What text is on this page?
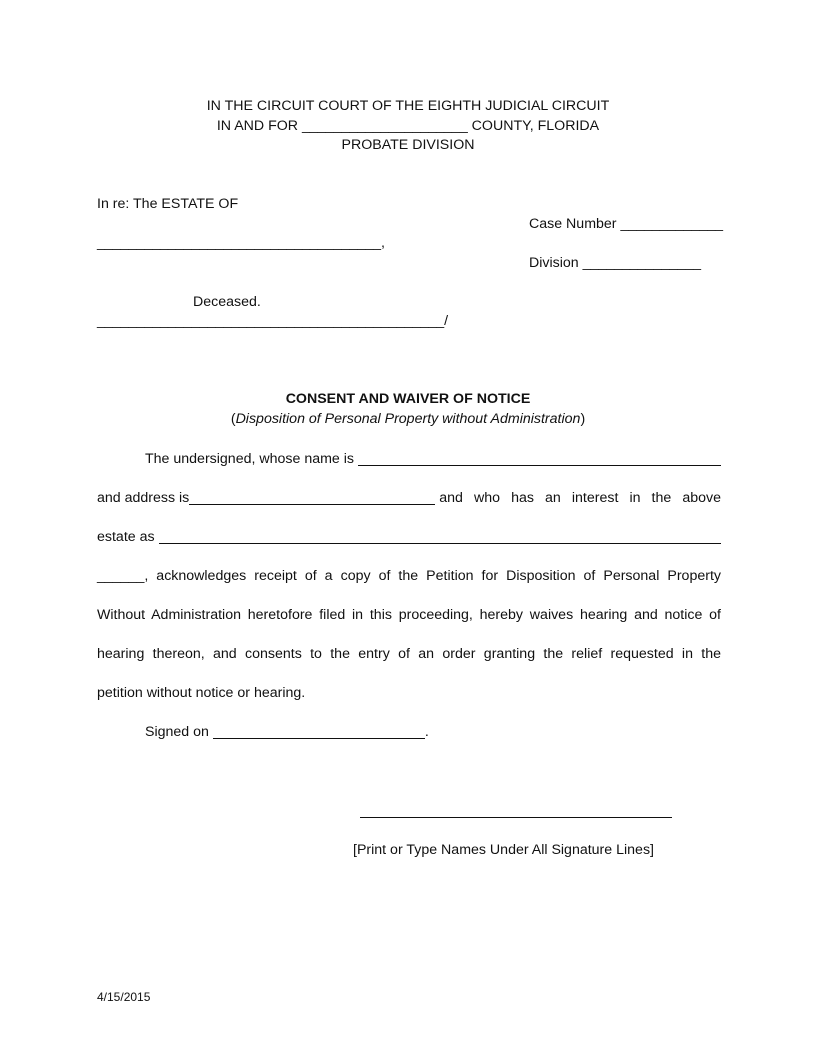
IN THE CIRCUIT COURT OF THE EIGHTH JUDICIAL CIRCUIT
IN AND FOR _____________________ COUNTY, FLORIDA
PROBATE DIVISION
In re: The ESTATE OF
Case Number _____________
____________________________________,
Division _______________
Deceased.
____________________________________________/
CONSENT AND WAIVER OF NOTICE
(Disposition of Personal Property without Administration)
The undersigned, whose name is
and address is	and who has an interest in the above
estate as
______, acknowledges receipt of a copy of the Petition for Disposition of Personal Property
Without Administration heretofore filed in this proceeding, hereby waives hearing and notice of
hearing thereon, and consents to the entry of an order granting the relief requested in the
petition without notice or hearing.
Signed on	.
[Print or Type Names Under All Signature Lines]
4/15/2015
